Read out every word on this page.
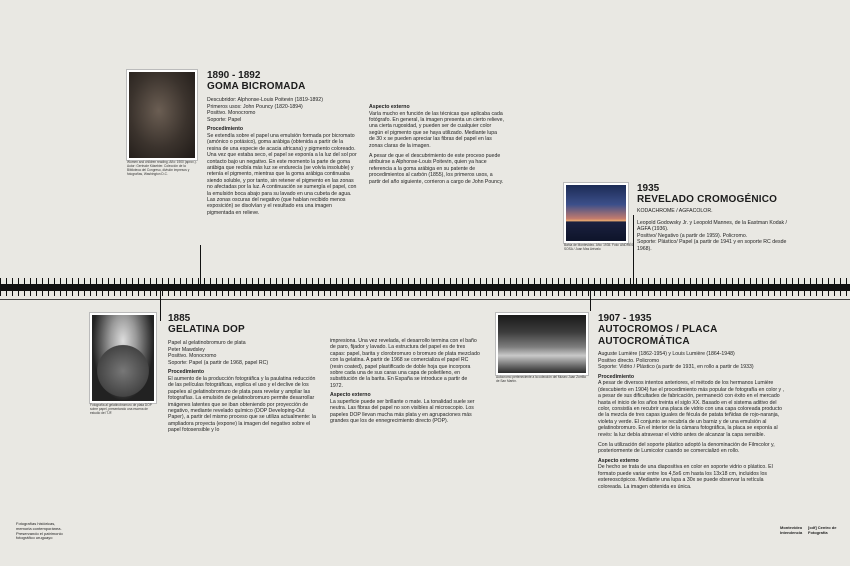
Women and children reading. Año: 1900 (aprox.). Autor: Gertrude Käsebier. Colección de la Biblioteca del Congreso, división impresos y fotografías, Washington D.C.
1890 - 1892
GOMA BICROMADA
Descubridor: Alphonse-Louis Poitevin (1819-1892)
Primeros usos: John Pouncy (1820-1894)
Positivo. Monocromo
Soporte: Papel
Procedimiento

Se extendía sobre el papel una emulsión formada por bicromato (amónico o potásico), goma arábiga (obtenida a partir de la resina de una especie de acacia africana) y pigmento coloreado. Una vez que estaba seco, el papel se exponía a la luz del sol por contacto bajo un negativo. En este momento la parte de goma arábiga que recibía más luz se endurecía (se volvía insoluble) y retenía el pigmento, mientras que la goma arábiga continuaba siendo soluble, y por tanto, sin retener el pigmento en las zonas no afectadas por la luz. A continuación se sumergía el papel, con la emulsión boca abajo para su lavado en una cubeta de agua. Las zonas oscuras del negativo (que habían recibido menos exposición) se disolvían y el resultado era una imagen pigmentada en relieve.

Aspecto externo

Varía mucho en función de las técnicas que aplicaba cada fotógrafo. En general, la imagen presenta un cierto relieve, una cierta rugosidad, y pueden ser de cualquier color según el pigmento que se haya utilizado. Mediante lupa de 30 x se pueden apreciar las fibras del papel en las zonas claras de la imagen.

A pesar de que el descubrimiento de este proceso puede atribuirse a Alphonse-Louis Poitevin, quien ya hace referencia a la goma arábiga en su patente de procedimientos al carbón (1855), los primeros usos, a partir del año siguiente, corrieron a cargo de John Pouncy.

Bahía de Montevideo. Año: 1935. Foto: ANDRÉS SOSA / Juan Mas Arévalo
1935
REVELADO CROMOGÉNICO
KODACHROME / AGFACOLOR.
Leopold Godowsky Jr. y Leopold Mannes, de la Eastman Kodak / AGFA (1936).
Positivo/ Negativo (a partir de 1959). Policromo.
Soporte: Plástico/ Papel (a partir de 1941 y en soporte RC desde 1968).
Fotografía al gelatinobromuro de plata DOP sobre papel, presentando una escena de estudio del TJF.
1885
GELATINA DOP
Papel al gelatinobromuro de plata
Peter Mawdsley
Positivo. Monocromo
Soporte: Papel (a partir de 1968, papel RC)
Procedimiento

El aumento de la producción fotográfica y la paulatina reducción de las películas fotográficas, explica el uso y el declive de los papeles al gelatinobromuro de plata para revelar y ampliar las fotografías. La emulsión de gelatinobromuro permite desarrollar imágenes latentes que se iban obteniendo por proyección de negativo, mediante revelado químico (DOP Developing-Out Paper), a partir del mismo proceso que se utiliza actualmente: la ampliadora proyecta (expone) la imagen del negativo sobre el papel fotosensible y lo

impresiona. Una vez revelada, el desarrollo termina con el baño de paro, fijador y lavado. La estructura del papel es de tres capas: papel, barita y clorobromuro o bromuro de plata mezclado con la gelatina. A partir de 1968 se comercializa el papel RC (resin coated), papel plastificado de doble hoja que incorpora sobre cada una de sus caras una capa de polietileno, en substitución de la barita. En España se introduce a partir de 1972.

Aspecto externo

La superficie puede ser brillante o mate. La tonalidad suele ser neutra. Las fibras del papel no son visibles al microscopio. Los papeles DOP llevan mucha más plata y en agrupaciones más grandes que los de ennegrecimiento directo (POP).

Autocromo perteneciente a la colección del Museo Juan Zorrilla de San Martín.
1907 - 1935
AUTOCROMOS / PLACA AUTOCROMÁTICA
Auguste Lumière (1862-1954) y Louis Lumière (1864-1948)
Positivo directo. Policromo
Soporte: Vidrio / Plástico (a partir de 1931, en rollo a partir de 1933)
Procedimiento

A pesar de diversos intentos anteriores, el método de los hermanos Lumière (descubierto en 1904) fue el procedimiento más popular de fotografía en color y , a pesar de sus dificultades de fabricación, permaneció con éxito en el mercado hasta el inicio de los años treinta el siglo XX. Basado en el sistema aditivo del color, consistía en recubrir una placa de vidrio con una capa coloreada producto de la mezcla de tres capas iguales de fécula de patata teñidas de rojo-naranja, violeta y verde. El conjunto se recubría de un barniz y de una emulsión al gelatinobromuro. En el interior de la cámara fotográfica, la placa se exponía al revés: la luz debía atravesar el vidrio antes de alcanzar la capa sensible.

Con la utilización del soporte plástico adoptó la denominación de Filmcolor y, posteriormente de Lumicolor cuando se comercializó en rollo.

Aspecto externo

De hecho se trata de una diapositiva en color en soporte vidrio o plástico. El formato puede variar entre los 4,5x6 cm hasta los 13x18 cm, incluidos los estereoscópicos. Mediante una lupa a 30x se puede observar la retícula coloreada. La imagen obtenida es única.

Fotografías históricas,
memoria contemporánea.
Preservando el patrimonio
fotográfico uruguayo
Montevideo Intendencia
[cdf] Centro de Fotografía
